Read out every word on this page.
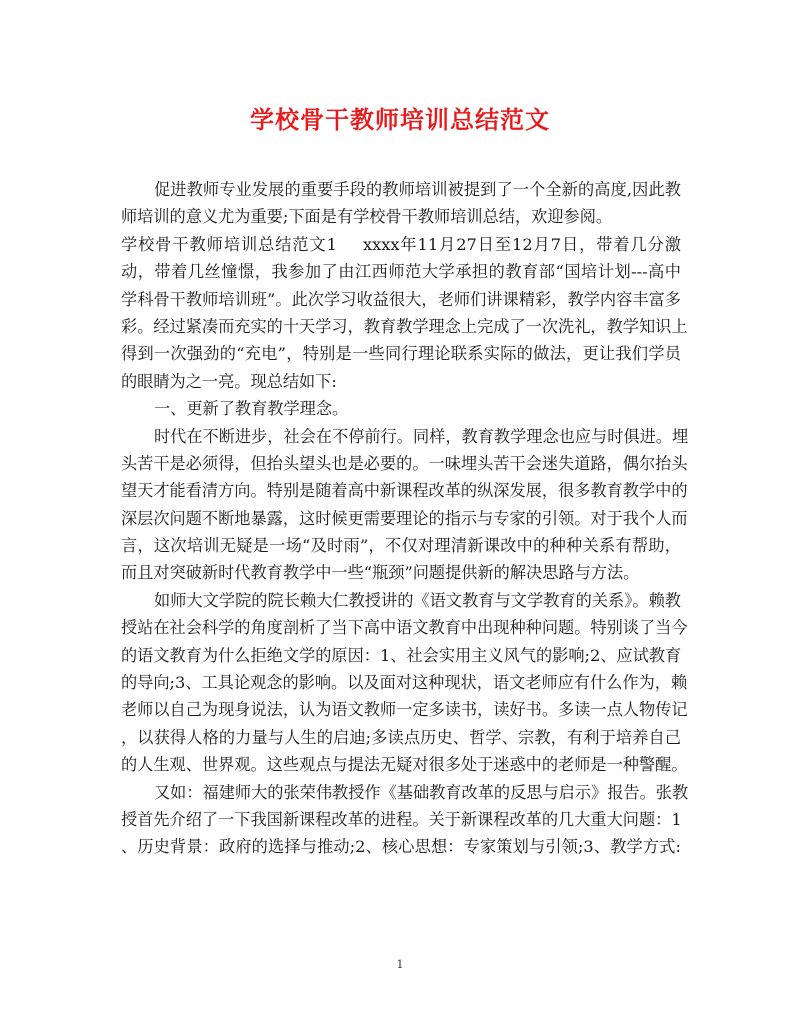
学校骨干教师培训总结范文
促进教师专业发展的重要手段的教师培训被提到了一个全新的高度,因此教
师培训的意义尤为重要;下面是有学校骨干教师培训总结，欢迎参阅。
学校骨干教师培训总结范文1 xxxx年11月27日至12月7日，带着几分激
动，带着几丝憧憬，我参加了由江西师范大学承担的教育部“国培计划---高中
学科骨干教师培训班”。此次学习收益很大，老师们讲课精彩，教学内容丰富多
彩。经过紧凑而充实的十天学习，教育教学理念上完成了一次洗礼，教学知识上
得到一次强劲的“充电”，特别是一些同行理论联系实际的做法，更让我们学员
的眼睛为之一亮。现总结如下:
一、更新了教育教学理念。
时代在不断进步，社会在不停前行。同样，教育教学理念也应与时俱进。埋
头苦干是必须得，但抬头望头也是必要的。一味埋头苦干会迷失道路，偶尔抬头
望天才能看清方向。特别是随着高中新课程改革的纵深发展，很多教育教学中的
深层次问题不断地暴露，这时候更需要理论的指示与专家的引领。对于我个人而
言，这次培训无疑是一场“及时雨”，不仅对理清新课改中的种种关系有帮助，
而且对突破新时代教育教学中一些“瓶颈”问题提供新的解决思路与方法。
如师大文学院的院长赖大仁教授讲的《语文教育与文学教育的关系》。赖教
授站在社会科学的角度剖析了当下高中语文教育中出现种种问题。特别谈了当今
的语文教育为什么拒绝文学的原因：1、社会实用主义风气的影响;2、应试教育
的导向;3、工具论观念的影响。以及面对这种现状，语文老师应有什么作为，赖
老师以自己为现身说法，认为语文教师一定多读书，读好书。多读一点人物传记
，以获得人格的力量与人生的启迪;多读点历史、哲学、宗教，有利于培养自己
的人生观、世界观。这些观点与提法无疑对很多处于迷惑中的老师是一种警醒。
又如：福建师大的张荣伟教授作《基础教育改革的反思与启示》报告。张教
授首先介绍了一下我国新课程改革的进程。关于新课程改革的几大重大问题：1
、历史背景：政府的选择与推动;2、核心思想：专家策划与引领;3、教学方式:
1
